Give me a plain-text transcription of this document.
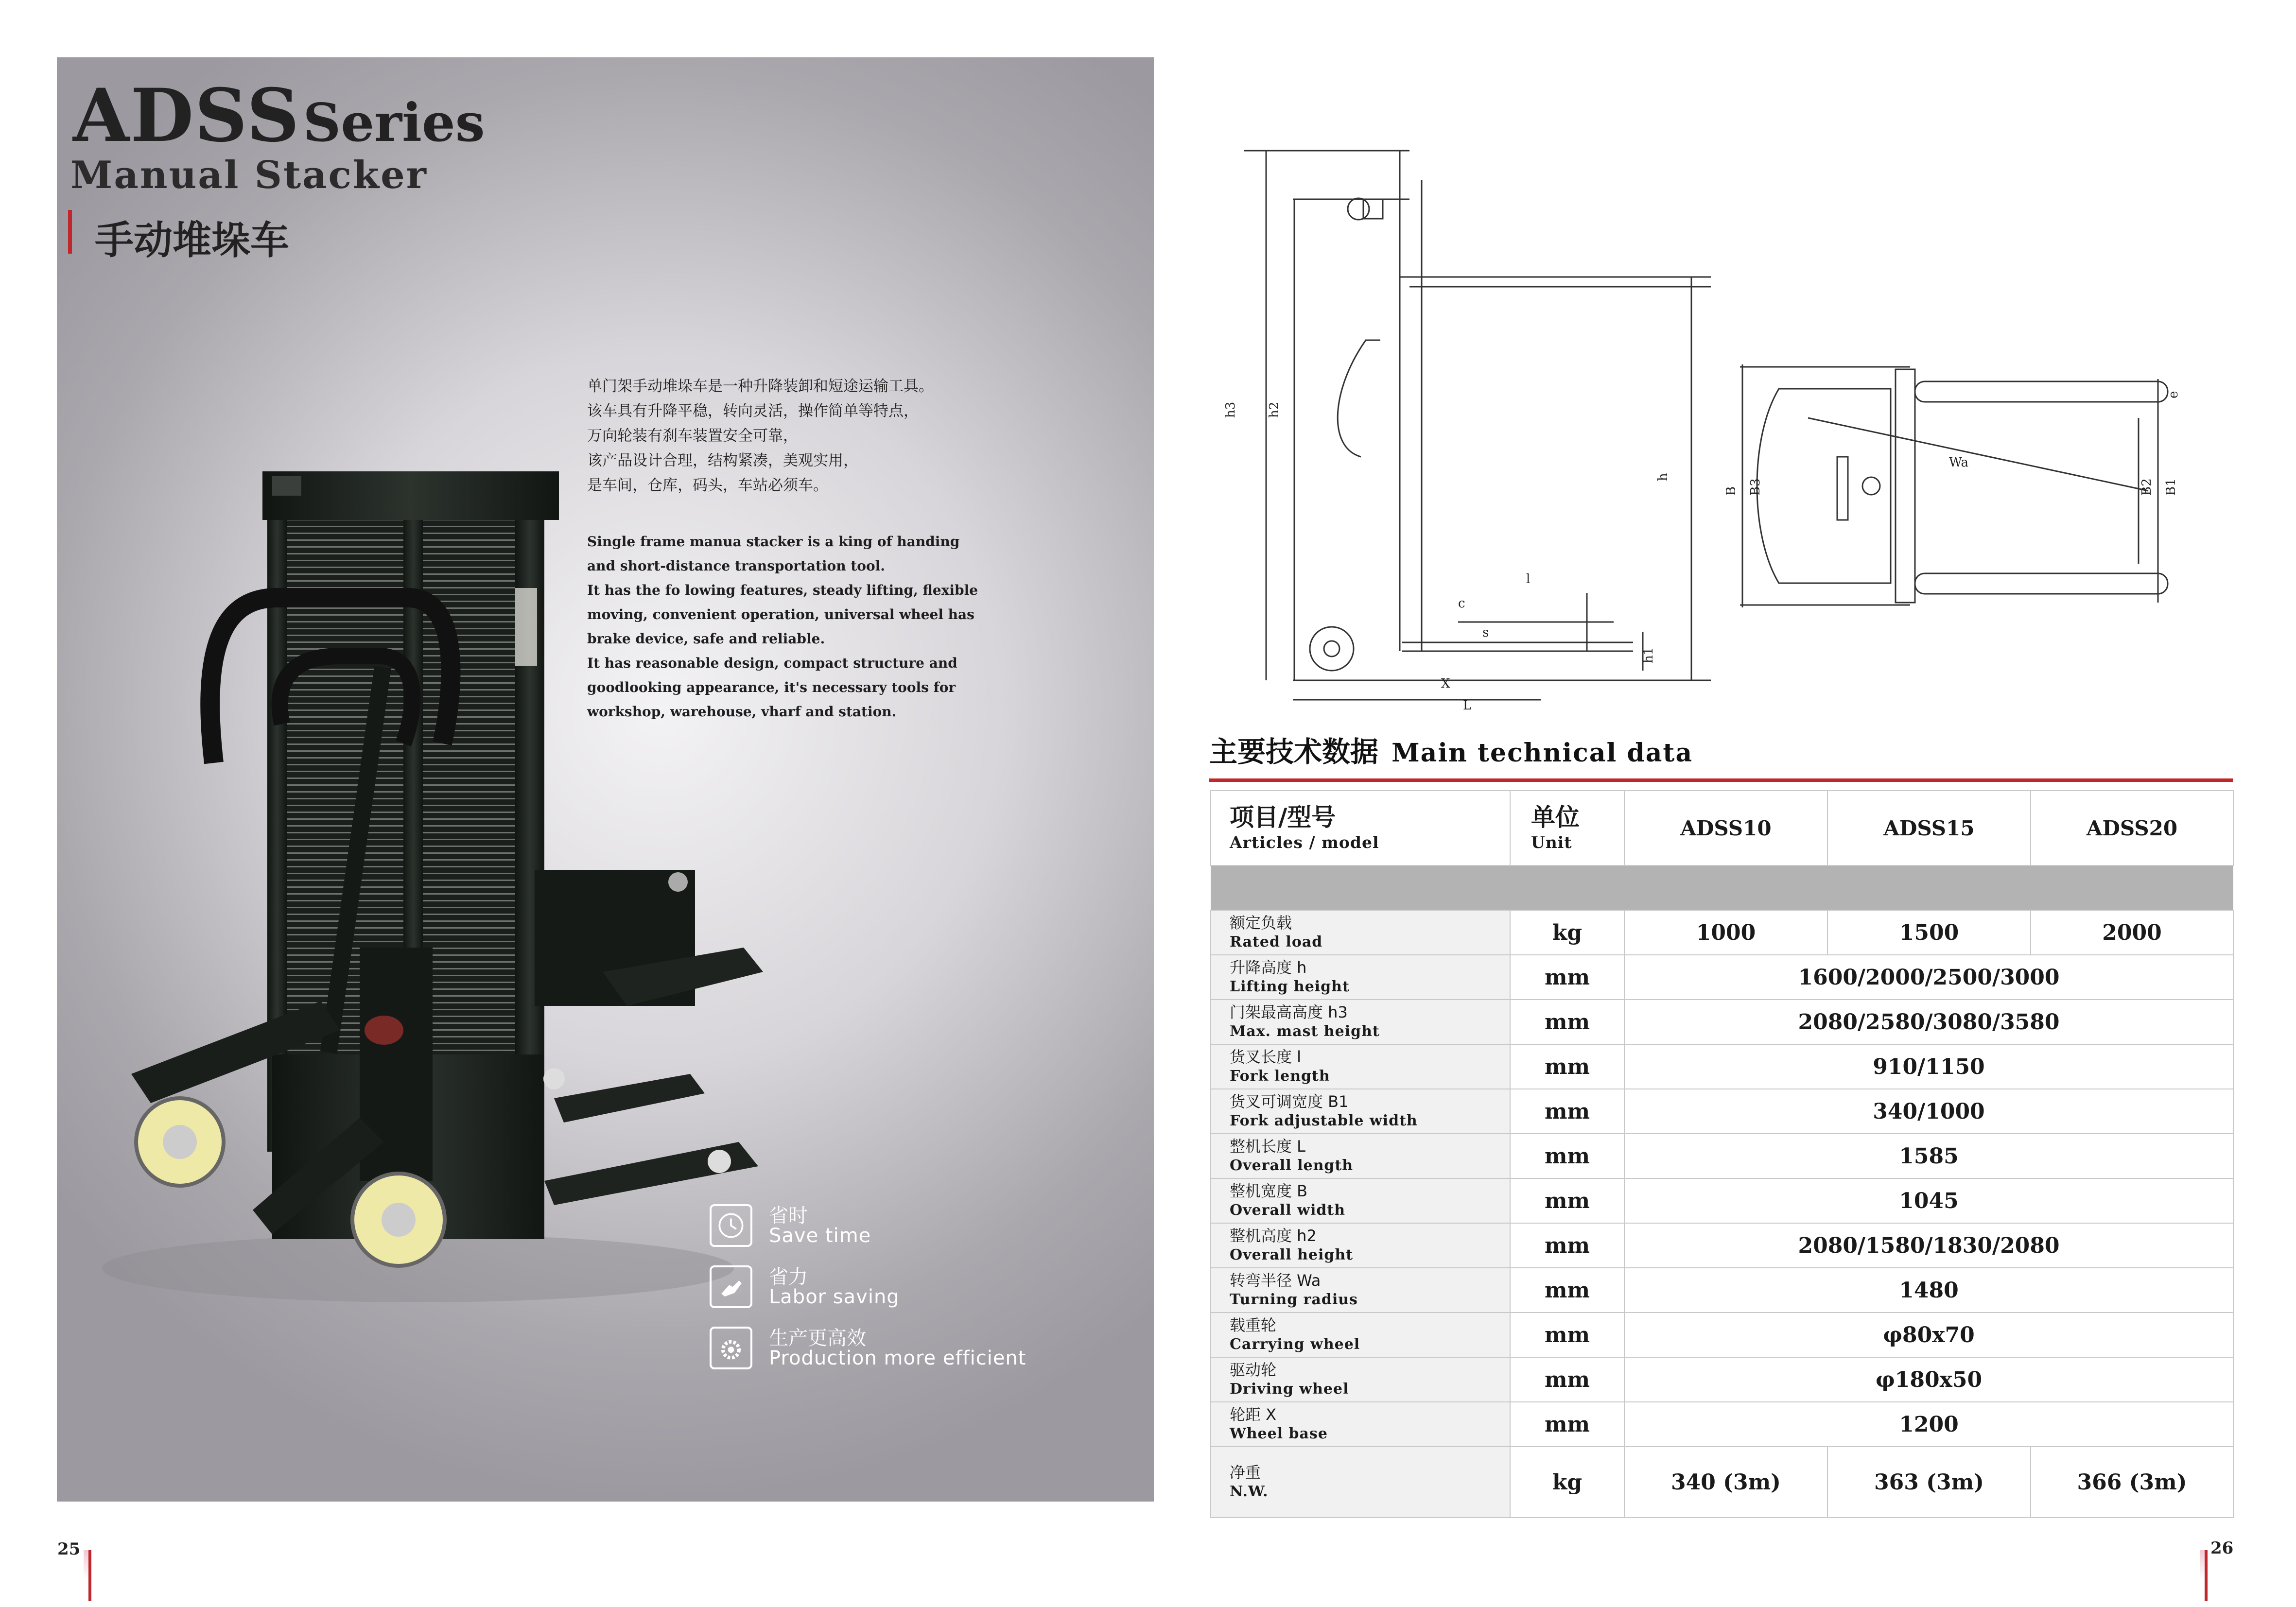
ADSS Series
Manual Stacker
手动堆垛车
单门架手动堆垛车是一种升降装卸和短途运输工具。
该车具有升降平稳，转向灵活，操作简单等特点，
万向轮装有刹车装置安全可靠，
该产品设计合理，结构紧凑，美观实用，
是车间，仓库，码头，车站必须车。
Single frame manua stacker is a king of handing
and short-distance transportation tool.
It has the fo lowing features, steady lifting, flexible
moving, convenient operation, universal wheel has
brake device, safe and reliable.
It has reasonable design, compact structure and
goodlooking appearance, it's necessary tools for
workshop, warehouse, vharf and station.
省时
Save time
省力
Labor saving
生产更高效
Production more efficient
25
h3 h2
h
h1
l
c
s
X
L
B B3
Wa
e
B2 B1
主要技术数据 Main technical data
项目/型号
Articles / model	单位
Unit	ADSS10	ADSS15	ADSS20

额定负载
Rated load	kg	1000	1500	2000

升降高度 h
Lifting height	mm	1600/2000/2500/3000		

门架最高高度 h3
Max. mast height	mm	2080/2580/3080/3580		

货叉长度 l
Fork length	mm	910/1150		

货叉可调宽度 B1
Fork adjustable width	mm	340/1000		

整机长度 L
Overall length	mm	1585		

整机宽度 B
Overall width	mm	1045		

整机高度 h2
Overall height	mm	2080/1580/1830/2080		

转弯半径 Wa
Turning radius	mm	1480		

载重轮
Carrying wheel	mm	φ80x70		

驱动轮
Driving wheel	mm	φ180x50		

轮距 X
Wheel base	mm	1200		

净重
N.W.	kg	340 (3m)	363 (3m)	366 (3m)
26
